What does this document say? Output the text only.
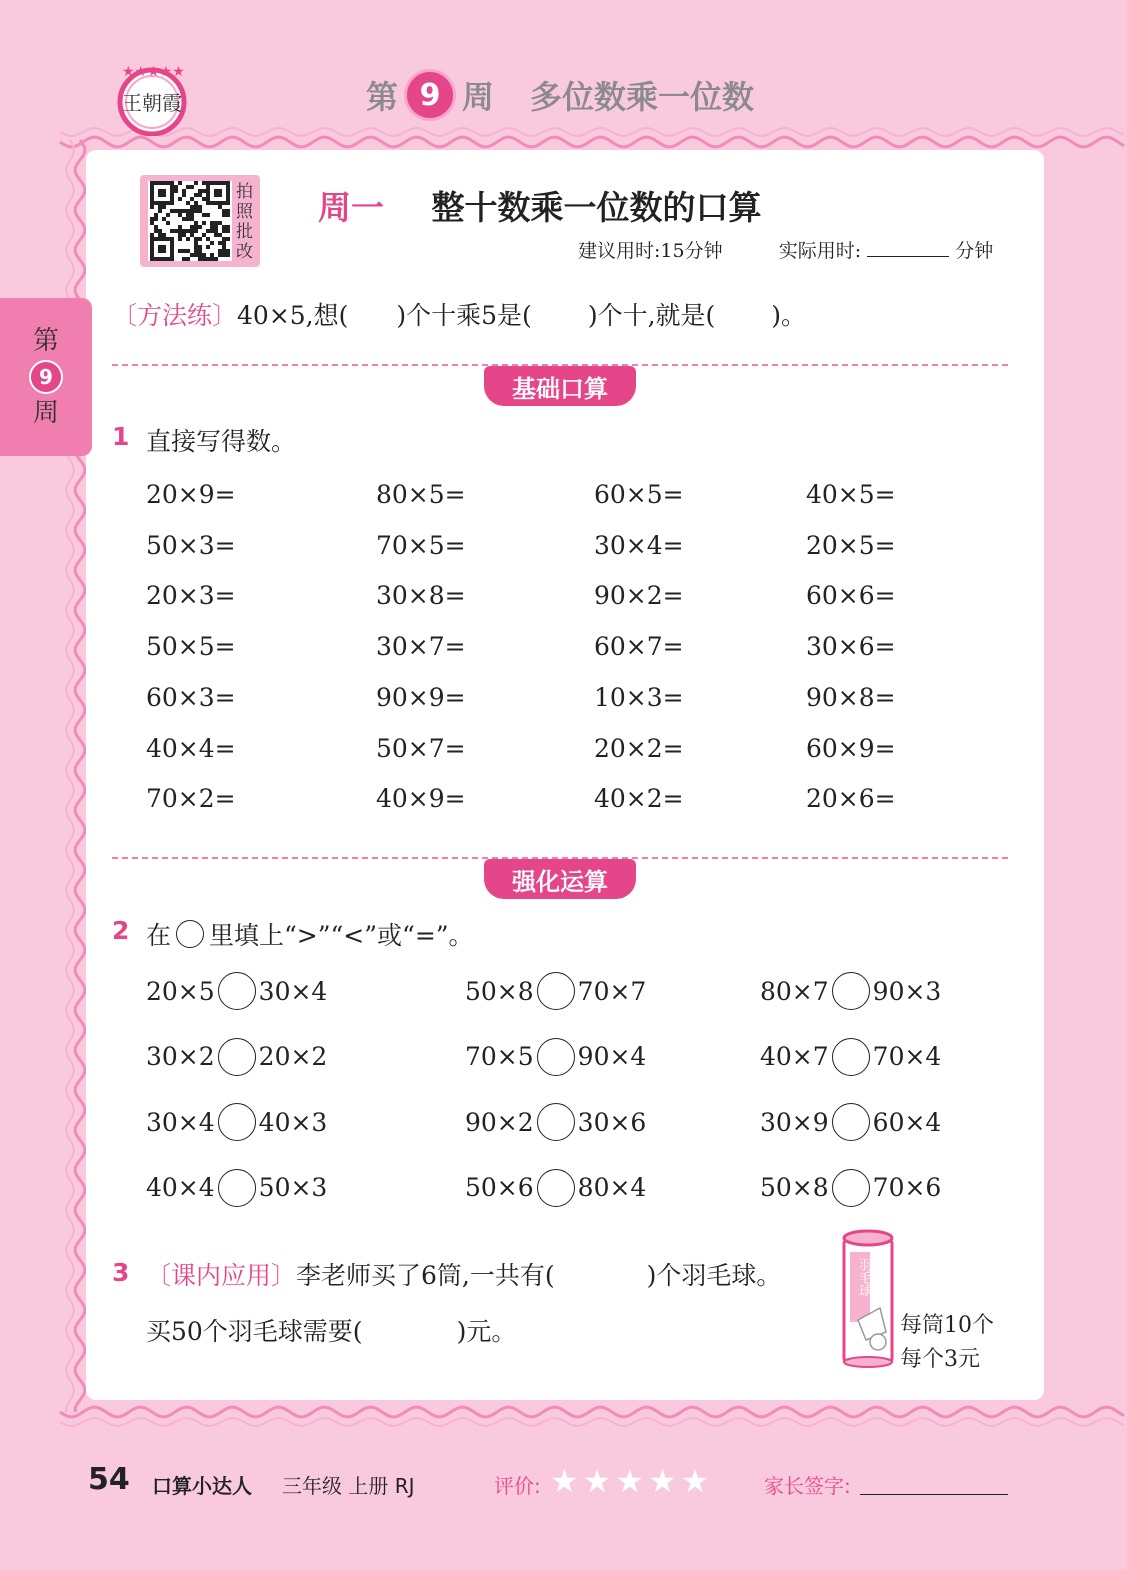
★★★★★
王朝霞	第 9 周 多位数乘一位数
第
9
周
拍照批改
周一 整十数乘一位数的口算
建议用时:15分钟	实际用时:	分钟
〔方法练〕40×5,想( )个十乘5是( )个十,就是( )。
基础口算
1 直接写得数。
20×9=	80×5=	60×5=	40×5=
50×3=	70×5=	30×4=	20×5=
20×3=	30×8=	90×2=	60×6=
50×5=	30×7=	60×7=	30×6=
60×3=	90×9=	10×3=	90×8=
40×4=	50×7=	20×2=	60×9=
70×2=	40×9=	40×2=	20×6=
强化运算
2 在 里填上“>”“<”或“=”。
20×5 30×4	50×8 70×7	80×7 90×3
30×2 20×2	70×5 90×4	40×7 70×4
30×4 40×3	90×2 30×6	30×9 60×4
40×4 50×3	50×6 80×4	50×8 70×6
3 〔课内应用〕李老师买了6筒,一共有(	)个羽毛球。
买50个羽毛球需要(	)元。
羽毛球
每筒10个
每个3元
54 口算小达人 三年级 上册 RJ	评价: ★ ★ ★ ★ ★	家长签字:
